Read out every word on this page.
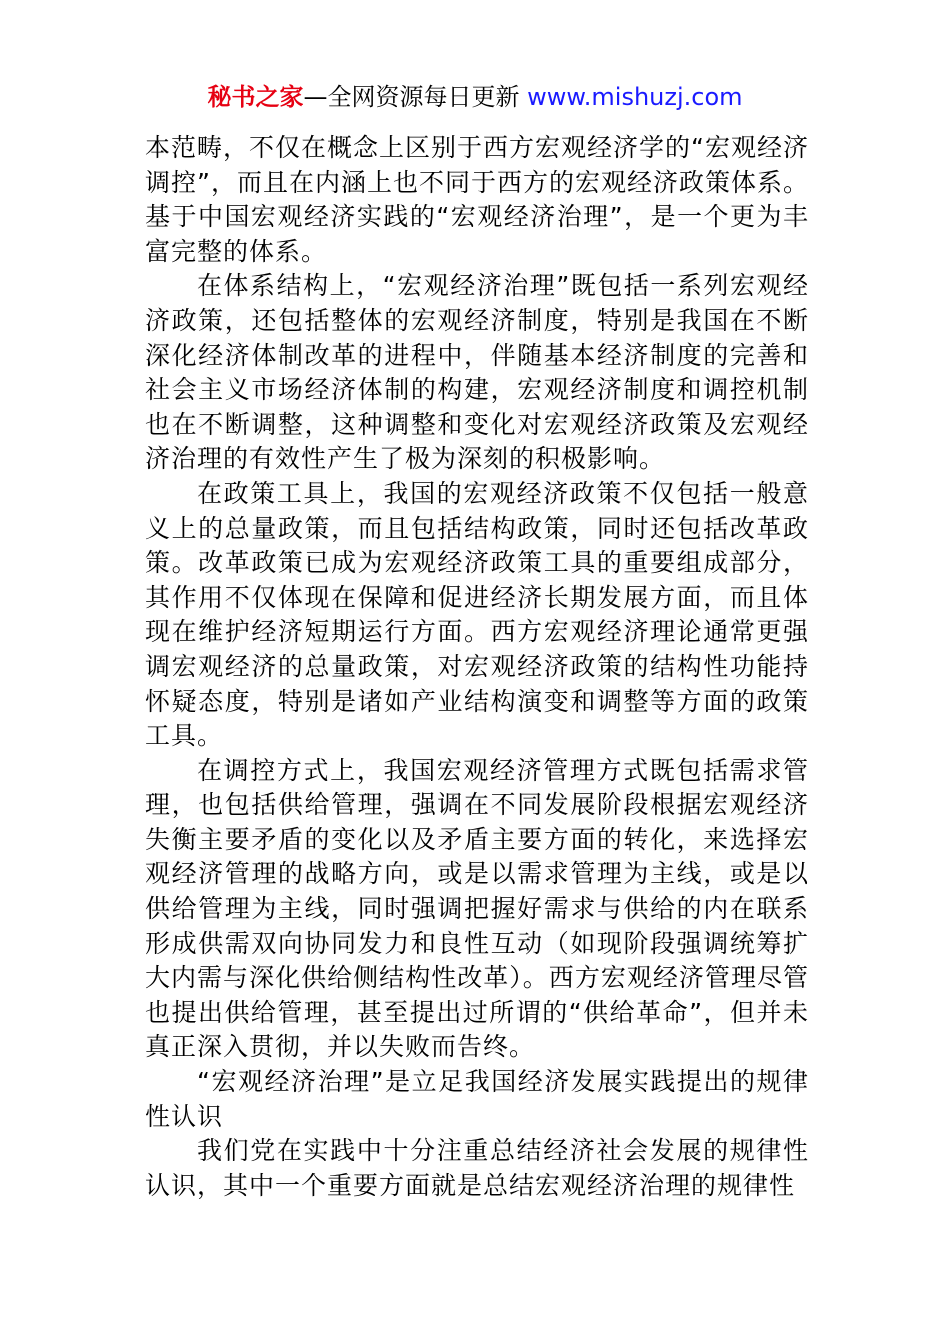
秘书之家—全网资源每日更新 www.mishuzj.com

本范畴，不仅在概念上区别于西方宏观经济学的“宏观经济调控”，而且在内涵上也不同于西方的宏观经济政策体系。基于中国宏观经济实践的“宏观经济治理”，是一个更为丰富完整的体系。

在体系结构上，“宏观经济治理”既包括一系列宏观经济政策，还包括整体的宏观经济制度，特别是我国在不断深化经济体制改革的进程中，伴随基本经济制度的完善和社会主义市场经济体制的构建，宏观经济制度和调控机制也在不断调整，这种调整和变化对宏观经济政策及宏观经济治理的有效性产生了极为深刻的积极影响。

在政策工具上，我国的宏观经济政策不仅包括一般意义上的总量政策，而且包括结构政策，同时还包括改革政策。改革政策已成为宏观经济政策工具的重要组成部分，其作用不仅体现在保障和促进经济长期发展方面，而且体现在维护经济短期运行方面。西方宏观经济理论通常更强调宏观经济的总量政策，对宏观经济政策的结构性功能持怀疑态度，特别是诸如产业结构演变和调整等方面的政策工具。

在调控方式上，我国宏观经济管理方式既包括需求管理，也包括供给管理，强调在不同发展阶段根据宏观经济失衡主要矛盾的变化以及矛盾主要方面的转化，来选择宏观经济管理的战略方向，或是以需求管理为主线，或是以供给管理为主线，同时强调把握好需求与供给的内在联系形成供需双向协同发力和良性互动（如现阶段强调统筹扩大内需与深化供给侧结构性改革）。西方宏观经济管理尽管也提出供给管理，甚至提出过所谓的“供给革命”，但并未真正深入贯彻，并以失败而告终。

“宏观经济治理”是立足我国经济发展实践提出的规律性认识

我们党在实践中十分注重总结经济社会发展的规律性认识，其中一个重要方面就是总结宏观经济治理的规律性
